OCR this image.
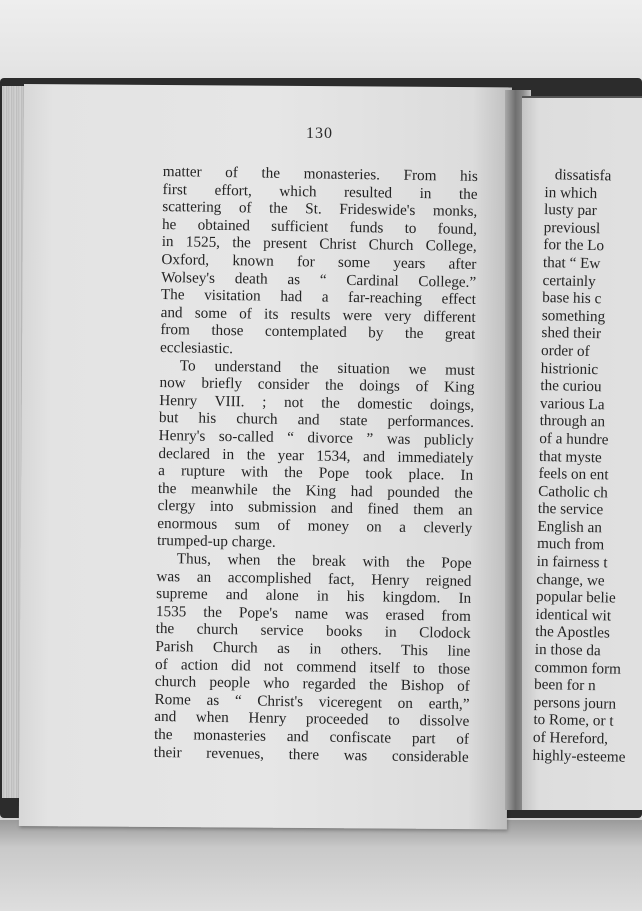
130
matter of the monasteries. From his
first effort, which resulted in the
scattering of the St. Frideswide's monks,
he obtained sufficient funds to found,
in 1525, the present Christ Church College,
Oxford, known for some years after
Wolsey's death as “ Cardinal College.”
The visitation had a far-reaching effect
and some of its results were very different
from those contemplated by the great
ecclesiastic.
To understand the situation we must
now briefly consider the doings of King
Henry VIII. ; not the domestic doings,
but his church and state performances.
Henry's so-called “ divorce ” was publicly
declared in the year 1534, and immediately
a rupture with the Pope took place. In
the meanwhile the King had pounded the
clergy into submission and fined them an
enormous sum of money on a cleverly
trumped-up charge.
Thus, when the break with the Pope
was an accomplished fact, Henry reigned
supreme and alone in his kingdom. In
1535 the Pope's name was erased from
the church service books in Clodock
Parish Church as in others. This line
of action did not commend itself to those
church people who regarded the Bishop of
Rome as “ Christ's viceregent on earth,”
and when Henry proceeded to dissolve
the monasteries and confiscate part of
their revenues, there was considerable
dissatisfa
in which
lusty par
previousl
for the Lo
that “ Ew
certainly
base his c
something
shed their
order of
histrionic
the curiou
various La
through an
of a hundre
that myste
feels on ent
Catholic ch
the service
English an
much from
in fairness t
change, we
popular belie
identical wit
the Apostles
in those da
common form
been for n
persons journ
to Rome, or t
of Hereford,
highly-esteeme
